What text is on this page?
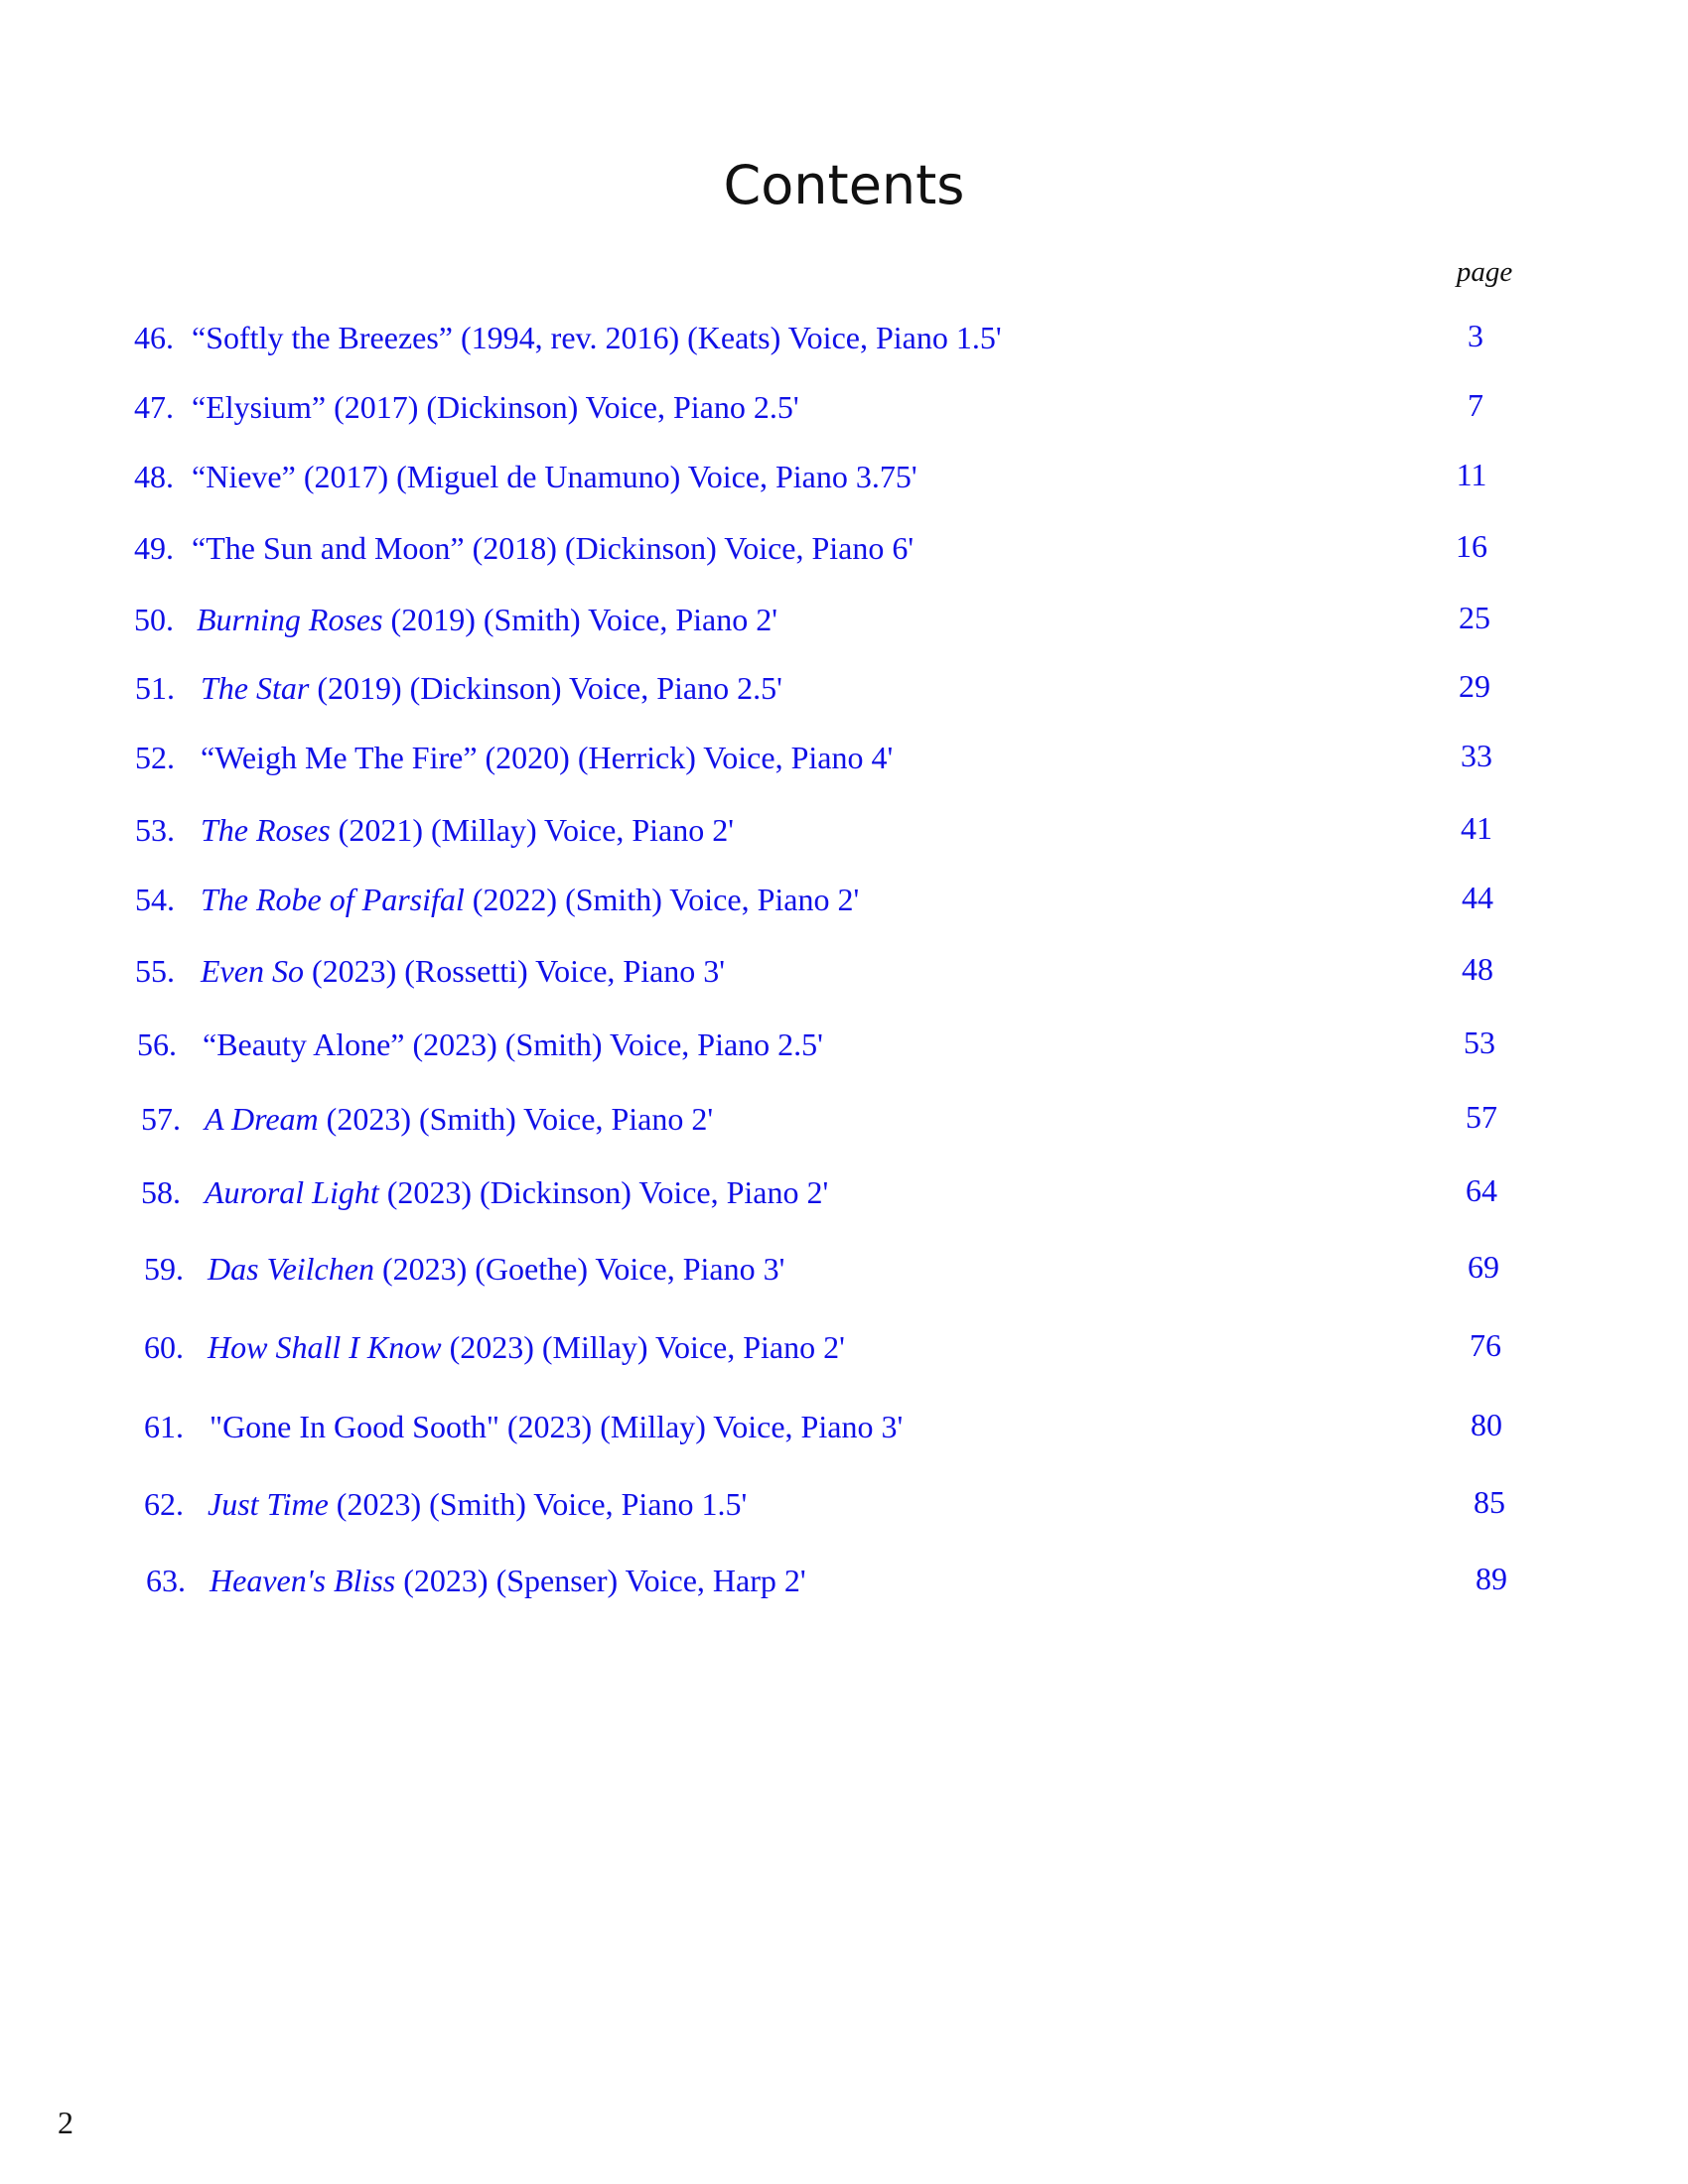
Contents
page
46. “Softly the Breezes” (1994, rev. 2016) (Keats) Voice, Piano 1.5'	3
47. “Elysium” (2017) (Dickinson) Voice, Piano 2.5'	7
48. “Nieve” (2017) (Miguel de Unamuno) Voice, Piano 3.75'	11
49. “The Sun and Moon” (2018) (Dickinson) Voice, Piano 6'	16
50. Burning Roses (2019) (Smith) Voice, Piano 2'	25
51. The Star (2019) (Dickinson) Voice, Piano 2.5'	29
52. “Weigh Me The Fire” (2020) (Herrick) Voice, Piano 4'	33
53. The Roses (2021) (Millay) Voice, Piano 2'	41
54. The Robe of Parsifal (2022) (Smith) Voice, Piano 2'	44
55. Even So (2023) (Rossetti) Voice, Piano 3'	48
56. “Beauty Alone” (2023) (Smith) Voice, Piano 2.5'	53
57. A Dream (2023) (Smith) Voice, Piano 2'	57
58. Auroral Light (2023) (Dickinson) Voice, Piano 2'	64
59. Das Veilchen (2023) (Goethe) Voice, Piano 3'	69
60. How Shall I Know (2023) (Millay) Voice, Piano 2'	76
61. "Gone In Good Sooth" (2023) (Millay) Voice, Piano 3'	80
62. Just Time (2023) (Smith) Voice, Piano 1.5'	85
63. Heaven's Bliss (2023) (Spenser) Voice, Harp 2'	89
2
